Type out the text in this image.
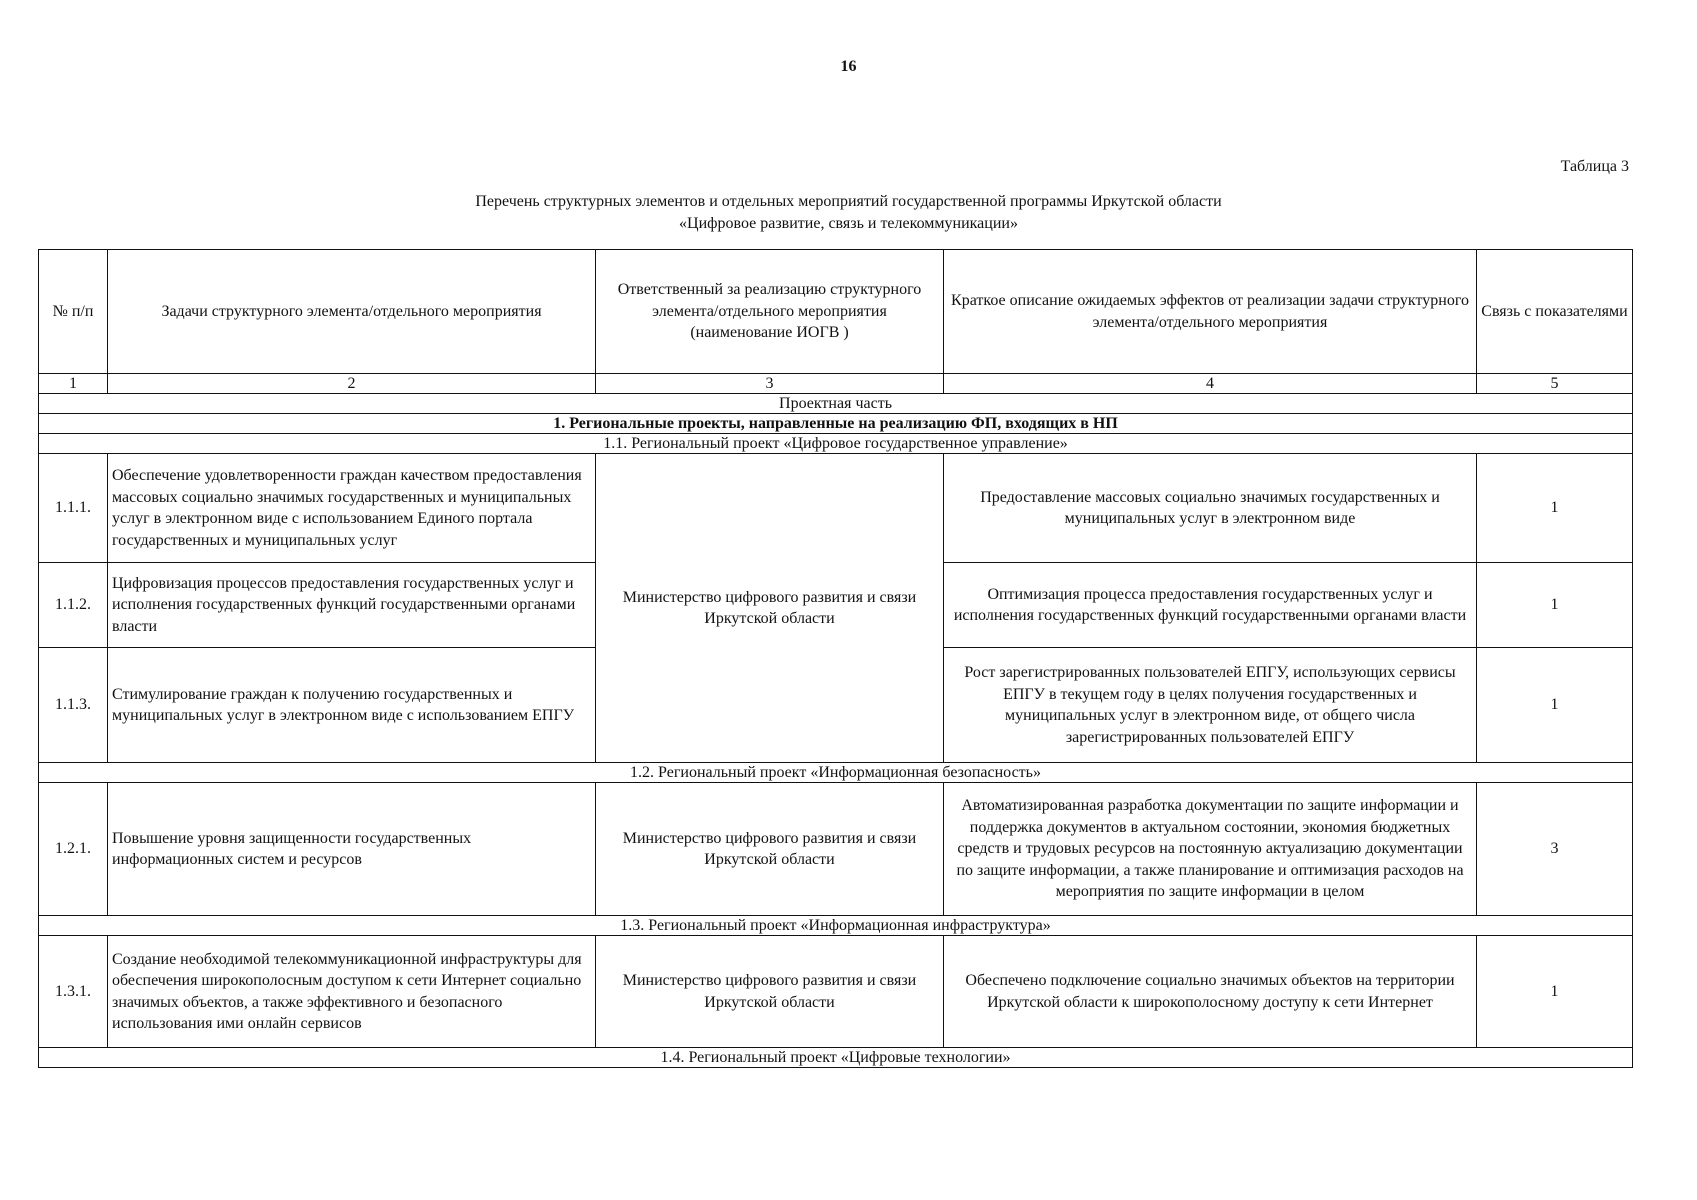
16
Таблица 3
Перечень структурных элементов и отдельных мероприятий государственной программы Иркутской области
«Цифровое развитие, связь и телекоммуникации»
№ п/п	Задачи структурного элемента/отдельного мероприятия	Ответственный за реализацию структурного элемента/отдельного мероприятия (наименование ИОГВ )	Краткое описание ожидаемых эффектов от реализации задачи структурного элемента/отдельного мероприятия	Связь с показателями
1	2	3	4	5
Проектная часть				
1. Региональные проекты, направленные на реализацию ФП, входящих в НП				
1.1. Региональный проект «Цифровое государственное управление»				
1.1.1.	Обеспечение удовлетворенности граждан качеством предоставления массовых социально значимых государственных и муниципальных услуг в электронном виде с использованием Единого портала государственных и муниципальных услуг	Министерство цифрового развития и связи Иркутской области	Предоставление массовых социально значимых государственных и муниципальных услуг в электронном виде	1
1.1.2.	Цифровизация процессов предоставления государственных услуг и исполнения государственных функций государственными органами власти		Оптимизация процесса предоставления государственных услуг и исполнения государственных функций государственными органами власти	1
1.1.3.	Стимулирование граждан к получению государственных и муниципальных услуг в электронном виде с использованием ЕПГУ		Рост зарегистрированных пользователей ЕПГУ, использующих сервисы ЕПГУ в текущем году в целях получения государственных и муниципальных услуг в электронном виде, от общего числа зарегистрированных пользователей ЕПГУ	1
1.2. Региональный проект «Информационная безопасность»				
1.2.1.	Повышение уровня защищенности государственных информационных систем и ресурсов	Министерство цифрового развития и связи Иркутской области	Автоматизированная разработка документации по защите информации и поддержка документов в актуальном состоянии, экономия бюджетных средств и трудовых ресурсов на постоянную актуализацию документации по защите информации, а также планирование и оптимизация расходов на мероприятия по защите информации в целом	3
1.3. Региональный проект «Информационная инфраструктура»				
1.3.1.	Создание необходимой телекоммуникационной инфраструктуры для обеспечения широкополосным доступом к сети Интернет социально значимых объектов, а также эффективного и безопасного использования ими онлайн сервисов	Министерство цифрового развития и связи Иркутской области	Обеспечено подключение социально значимых объектов на территории Иркутской области к широкополосному доступу к сети Интернет	1
1.4. Региональный проект «Цифровые технологии»				
